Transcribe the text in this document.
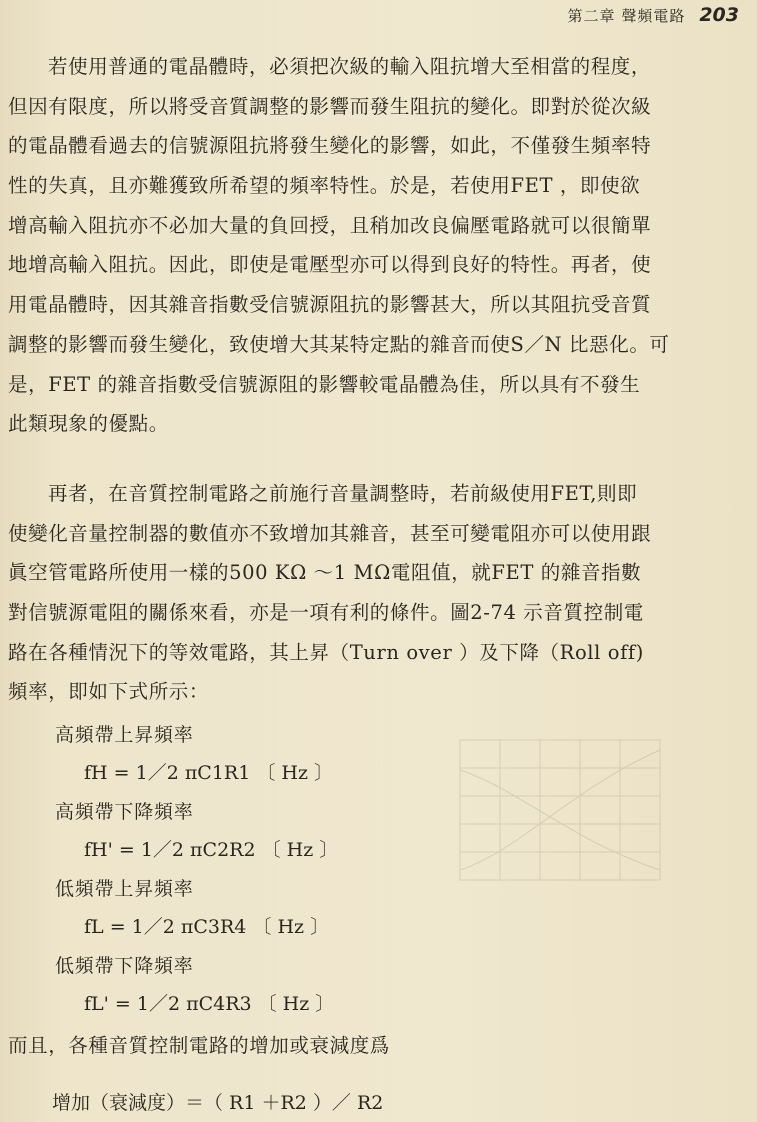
第二章 聲頻電路 203
若使用普通的電晶體時，必須把次級的輸入阻抗增大至相當的程度，
但因有限度，所以將受音質調整的影響而發生阻抗的變化。即對於從次級
的電晶體看過去的信號源阻抗將發生變化的影響，如此，不僅發生頻率特
性的失真，且亦難獲致所希望的頻率特性。於是，若使用FET ，即使欲
增高輸入阻抗亦不必加大量的負回授，且稍加改良偏壓電路就可以很簡單
地增高輸入阻抗。因此，即使是電壓型亦可以得到良好的特性。再者，使
用電晶體時，因其雜音指數受信號源阻抗的影響甚大，所以其阻抗受音質
調整的影響而發生變化，致使增大其某特定點的雜音而使S／N 比惡化。可
是，FET 的雜音指數受信號源阻的影響較電晶體為佳，所以具有不發生
此類現象的優點。
再者，在音質控制電路之前施行音量調整時，若前級使用FET,則即
使變化音量控制器的數值亦不致增加其雜音，甚至可變電阻亦可以使用跟
眞空管電路所使用一樣的500 KΩ ～1 MΩ電阻值，就FET 的雜音指數
對信號源電阻的關係來看，亦是一項有利的條件。圖2-74 示音質控制電
路在各種情況下的等效電路，其上昇（Turn over ）及下降（Roll off)
頻率，即如下式所示：
高頻帶上昇頻率
fH = 1／2 πC1R1 〔 Hz 〕
高頻帶下降頻率
fH' = 1／2 πC2R2 〔 Hz 〕
低頻帶上昇頻率
fL = 1／2 πC3R4 〔 Hz 〕
低頻帶下降頻率
fL' = 1／2 πC4R3 〔 Hz 〕
而且，各種音質控制電路的增加或衰減度爲
增加（衰減度）＝（ R1 ＋R2 ）／ R2
